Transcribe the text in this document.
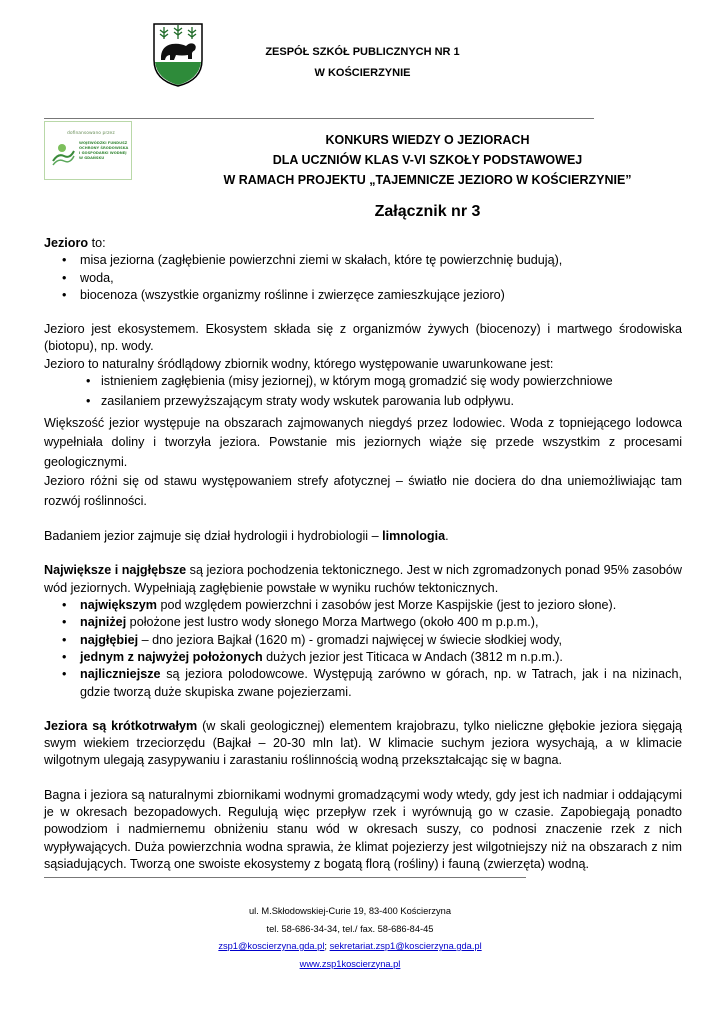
ZESPÓŁ SZKÓŁ PUBLICZNYCH NR 1
W KOŚCIERZYNIE
dofinansowano przez
WOJEWÓDZKI FUNDUSZ OCHRONY ŚRODOWISKA I GOSPODARKI WODNEJ W GDAŃSKU
KONKURS WIEDZY O JEZIORACH
DLA UCZNIÓW KLAS V-VI SZKOŁY PODSTAWOWEJ
W RAMACH PROJEKTU „TAJEMNICZE JEZIORO W KOŚCIERZYNIE”
Załącznik nr 3

Jezioro to:

• misa jeziorna (zagłębienie powierzchni ziemi w skałach, które tę powierzchnię budują),
• woda,
• biocenoza (wszystkie organizmy roślinne i zwierzęce zamieszkujące jezioro)

Jezioro jest ekosystemem. Ekosystem składa się z organizmów żywych (biocenozy) i martwego środowiska (biotopu), np. wody.

Jezioro to naturalny śródlądowy zbiornik wodny, którego występowanie uwarunkowane jest:

• istnieniem zagłębienia (misy jeziornej), w którym mogą gromadzić się wody powierzchniowe
• zasilaniem przewyższającym straty wody wskutek parowania lub odpływu.

Większość jezior występuje na obszarach zajmowanych niegdyś przez lodowiec. Woda z topniejącego lodowca wypełniała doliny i tworzyła jeziora. Powstanie mis jeziornych wiąże się przede wszystkim z procesami geologicznymi.

Jezioro różni się od stawu występowaniem strefy afotycznej – światło nie dociera do dna uniemożliwiając tam rozwój roślinności.

Badaniem jezior zajmuje się dział hydrologii i hydrobiologii – limnologia.

Największe i najgłębsze są jeziora pochodzenia tektonicznego. Jest w nich zgromadzonych ponad 95% zasobów wód jeziornych. Wypełniają zagłębienie powstałe w wyniku ruchów tektonicznych.

• największym pod względem powierzchni i zasobów jest Morze Kaspijskie (jest to jezioro słone).
• najniżej położone jest lustro wody słonego Morza Martwego (około 400 m p.p.m.),
• najgłębiej – dno jeziora Bajkał (1620 m) - gromadzi najwięcej w świecie słodkiej wody,
• jednym z najwyżej położonych dużych jezior jest Titicaca w Andach (3812 m n.p.m.).
• najliczniejsze są jeziora polodowcowe. Występują zarówno w górach, np. w Tatrach, jak i na nizinach, gdzie tworzą duże skupiska zwane pojezierzami.

Jeziora są krótkotrwałym (w skali geologicznej) elementem krajobrazu, tylko nieliczne głębokie jeziora sięgają swym wiekiem trzeciorzędu (Bajkał – 20-30 mln lat). W klimacie suchym jeziora wysychają, a w klimacie wilgotnym ulegają zasypywaniu i zarastaniu roślinnością wodną przekształcając się w bagna.

Bagna i jeziora są naturalnymi zbiornikami wodnymi gromadzącymi wody wtedy, gdy jest ich nadmiar i oddającymi je w okresach bezopadowych. Regulują więc przepływ rzek i wyrównują go w czasie. Zapobiegają ponadto powodziom i nadmiernemu obniżeniu stanu wód w okresach suszy, co podnosi znaczenie rzek z nich wypływających. Duża powierzchnia wodna sprawia, że klimat pojezierzy jest wilgotniejszy niż na obszarach z nim sąsiadujących. Tworzą one swoiste ekosystemy z bogatą florą (rośliny) i fauną (zwierzęta) wodną.

ul. M.Skłodowskiej-Curie 19, 83-400 Kościerzyna
tel. 58-686-34-34, tel./ fax. 58-686-84-45
zsp1@koscierzyna.gda.pl; sekretariat.zsp1@koscierzyna.gda.pl
www.zsp1koscierzyna.pl
